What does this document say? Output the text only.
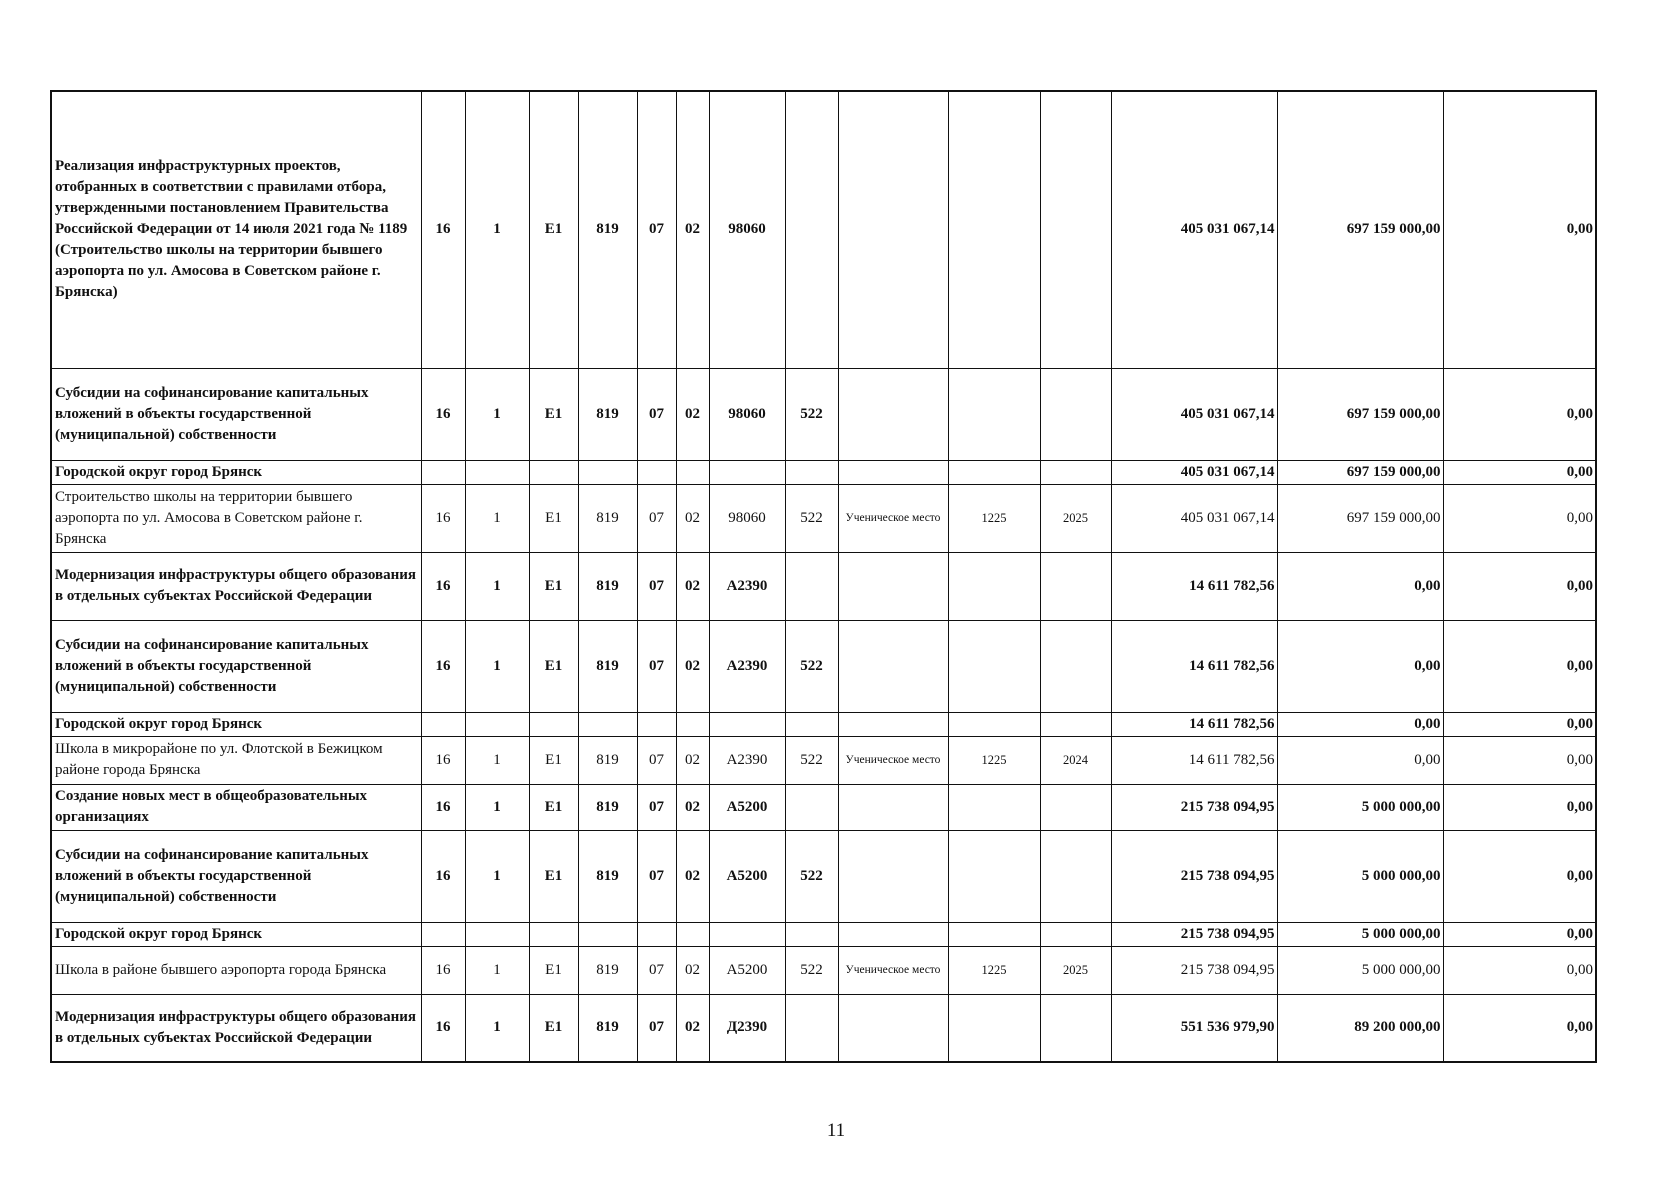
Реализация инфраструктурных проектов, отобранных в соответствии с правилами отбора, утвержденными постановлением Правительства Российской Федерации от 14 июля 2021 года № 1189 (Строительство школы на территории бывшего аэропорта по ул. Амосова в Советском районе г. Брянска)	16	1	E1	819	07	02	98060					405 031 067,14	697 159 000,00	0,00
Субсидии на софинансирование капитальных вложений в объекты государственной (муниципальной) собственности	16	1	E1	819	07	02	98060	522				405 031 067,14	697 159 000,00	0,00
Городской округ город Брянск												405 031 067,14	697 159 000,00	0,00
Строительство школы на территории бывшего аэропорта по ул. Амосова в Советском районе г. Брянска	16	1	E1	819	07	02	98060	522	Ученическое место	1225	2025	405 031 067,14	697 159 000,00	0,00
Модернизация инфраструктуры общего образования в отдельных субъектах Российской Федерации	16	1	E1	819	07	02	A2390					14 611 782,56	0,00	0,00
Субсидии на софинансирование капитальных вложений в объекты государственной (муниципальной) собственности	16	1	E1	819	07	02	A2390	522				14 611 782,56	0,00	0,00
Городской округ город Брянск												14 611 782,56	0,00	0,00
Школа в микрорайоне по ул. Флотской в Бежицком районе города Брянска	16	1	E1	819	07	02	A2390	522	Ученическое место	1225	2024	14 611 782,56	0,00	0,00
Создание новых мест в общеобразовательных организациях	16	1	E1	819	07	02	A5200					215 738 094,95	5 000 000,00	0,00
Субсидии на софинансирование капитальных вложений в объекты государственной (муниципальной) собственности	16	1	E1	819	07	02	A5200	522				215 738 094,95	5 000 000,00	0,00
Городской округ город Брянск												215 738 094,95	5 000 000,00	0,00
Школа в районе бывшего аэропорта города Брянска	16	1	E1	819	07	02	A5200	522	Ученическое место	1225	2025	215 738 094,95	5 000 000,00	0,00
Модернизация инфраструктуры общего образования в отдельных субъектах Российской Федерации	16	1	E1	819	07	02	Д2390					551 536 979,90	89 200 000,00	0,00
11
